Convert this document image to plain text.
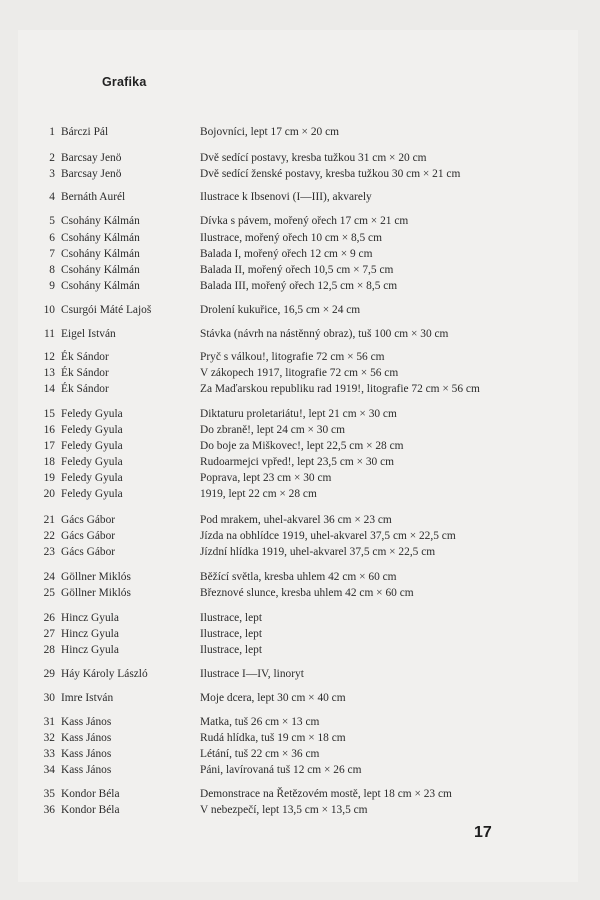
Grafika
1 Bárczi Pál	Bojovníci, lept 17 cm × 20 cm
2 Barcsay Jenö	Dvě sedící postavy, kresba tužkou 31 cm × 20 cm
3 Barcsay Jenö	Dvě sedící ženské postavy, kresba tužkou 30 cm × 21 cm
4 Bernáth Aurél	Ilustrace k Ibsenovi (I—III), akvarely
5 Csohány Kálmán	Dívka s pávem, mořený ořech 17 cm × 21 cm
6 Csohány Kálmán	Ilustrace, mořený ořech 10 cm × 8,5 cm
7 Csohány Kálmán	Balada I, mořený ořech 12 cm × 9 cm
8 Csohány Kálmán	Balada II, mořený ořech 10,5 cm × 7,5 cm
9 Csohány Kálmán	Balada III, mořený ořech 12,5 cm × 8,5 cm
10 Csurgói Máté Lajoš	Drolení kukuřice, 16,5 cm × 24 cm
11 Eigel István	Stávka (návrh na nástěnný obraz), tuš 100 cm × 30 cm
12 Ék Sándor	Pryč s válkou!, litografie 72 cm × 56 cm
13 Ék Sándor	V zákopech 1917, litografie 72 cm × 56 cm
14 Ék Sándor	Za Maďarskou republiku rad 1919!, litografie 72 cm × 56 cm
15 Feledy Gyula	Diktaturu proletariátu!, lept 21 cm × 30 cm
16 Feledy Gyula	Do zbraně!, lept 24 cm × 30 cm
17 Feledy Gyula	Do boje za Miškovec!, lept 22,5 cm × 28 cm
18 Feledy Gyula	Rudoarmejci vpřed!, lept 23,5 cm × 30 cm
19 Feledy Gyula	Poprava, lept 23 cm × 30 cm
20 Feledy Gyula	1919, lept 22 cm × 28 cm
21 Gács Gábor	Pod mrakem, uhel-akvarel 36 cm × 23 cm
22 Gács Gábor	Jízda na obhlídce 1919, uhel-akvarel 37,5 cm × 22,5 cm
23 Gács Gábor	Jízdní hlídka 1919, uhel-akvarel 37,5 cm × 22,5 cm
24 Göllner Miklós	Běžící světla, kresba uhlem 42 cm × 60 cm
25 Göllner Miklós	Březnové slunce, kresba uhlem 42 cm × 60 cm
26 Hincz Gyula	Ilustrace, lept
27 Hincz Gyula	Ilustrace, lept
28 Hincz Gyula	Ilustrace, lept
29 Háy Károly László	Ilustrace I—IV, linoryt
30 Imre István	Moje dcera, lept 30 cm × 40 cm
31 Kass János	Matka, tuš 26 cm × 13 cm
32 Kass János	Rudá hlídka, tuš 19 cm × 18 cm
33 Kass János	Létání, tuš 22 cm × 36 cm
34 Kass János	Páni, lavírovaná tuš 12 cm × 26 cm
35 Kondor Béla	Demonstrace na Řetězovém mostě, lept 18 cm × 23 cm
36 Kondor Béla	V nebezpečí, lept 13,5 cm × 13,5 cm
17
